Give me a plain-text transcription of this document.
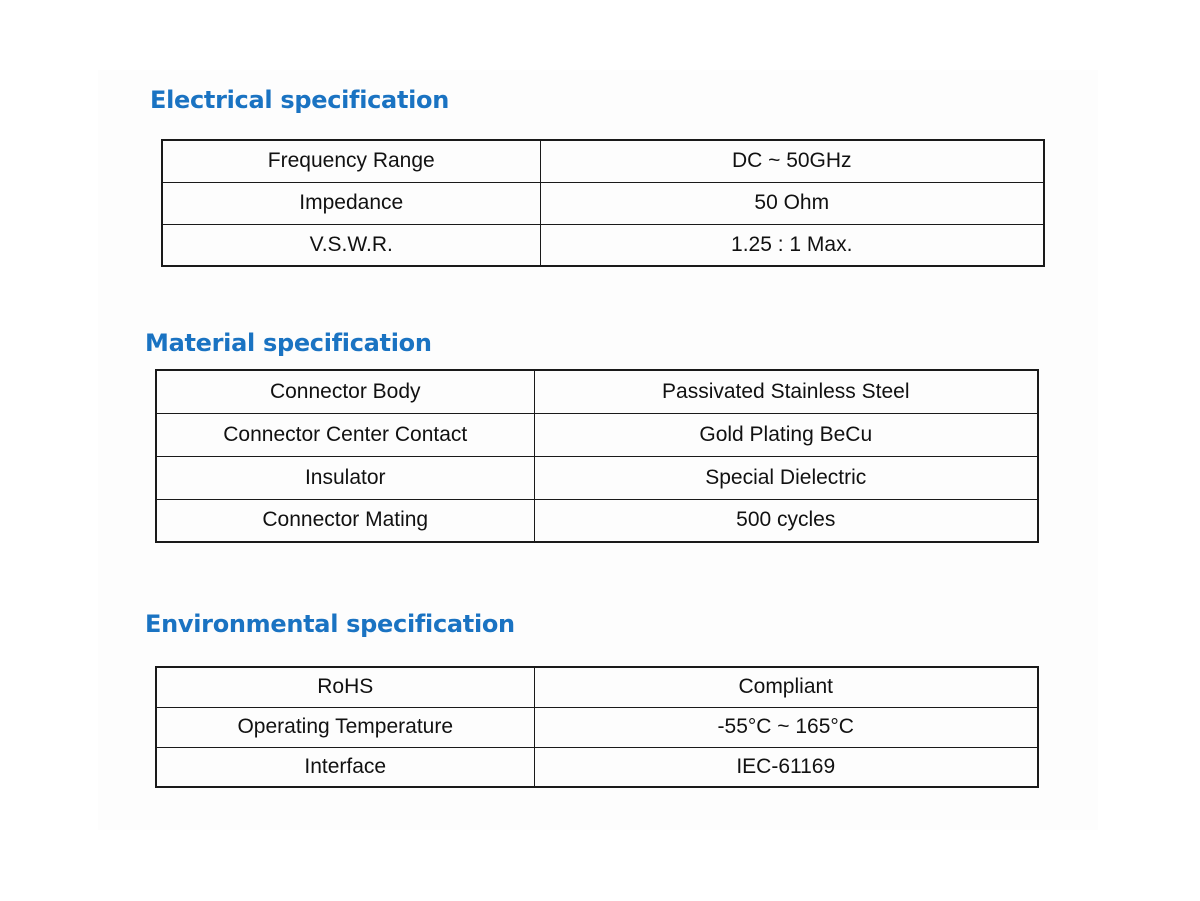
Electrical specification
Frequency Range	DC ~ 50GHz
Impedance	50 Ohm
V.S.W.R.	1.25 : 1 Max.
Material specification
Connector Body	Passivated Stainless Steel
Connector Center Contact	Gold Plating BeCu
Insulator	Special Dielectric
Connector Mating	500 cycles
Environmental specification
RoHS	Compliant
Operating Temperature	-55°C ~ 165°C
Interface	IEC-61169
